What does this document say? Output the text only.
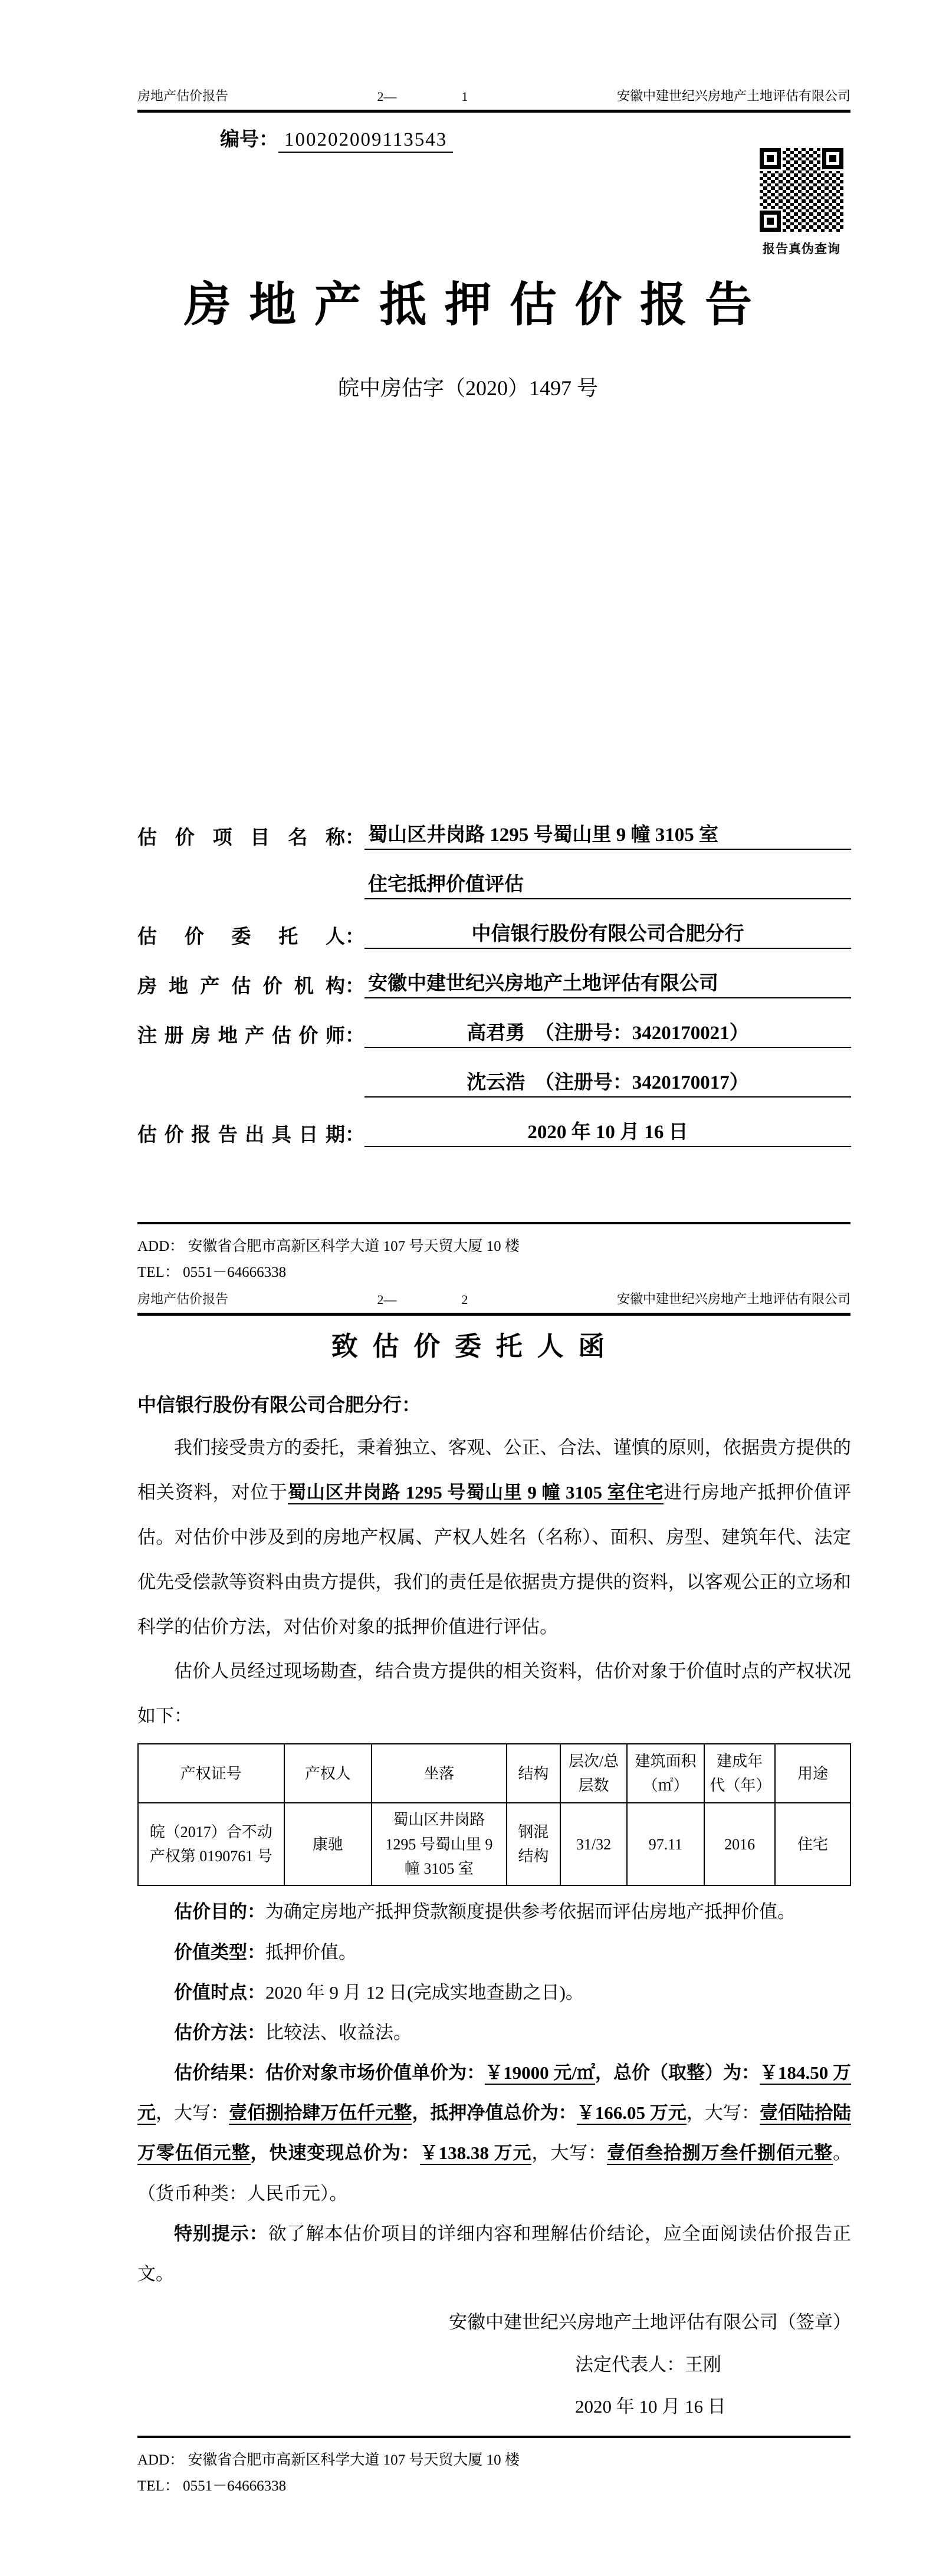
房地产估价报告	2—	1	安徽中建世纪兴房地产土地评估有限公司
编号： 100202009113543
报告真伪查询
房地产抵押估价报告
皖中房估字（2020）1497 号
估价项目名称 ： 蜀山区井岗路 1295 号蜀山里 9 幢 3105 室
住宅抵押价值评估
估价委托人 ：	中信银行股份有限公司合肥分行
房地产估价机构 ： 安徽中建世纪兴房地产土地评估有限公司
注册房地产估价师 ：	高君勇　（注册号：3420170021）
沈云浩　（注册号：3420170017）
估价报告出具日期 ：	2020 年 10 月 16 日
ADD： 安徽省合肥市高新区科学大道 107 号天贸大厦 10 楼
TEL： 0551－64666338
房地产估价报告	2—	2	安徽中建世纪兴房地产土地评估有限公司
致估价委托人函
中信银行股份有限公司合肥分行：

我们接受贵方的委托，秉着独立、客观、公正、合法、谨慎的原则，依据贵方提供的相关资料，对位于蜀山区井岗路 1295 号蜀山里 9 幢 3105 室住宅进行房地产抵押价值评估。对估价中涉及到的房地产权属、产权人姓名（名称）、面积、房型、建筑年代、法定优先受偿款等资料由贵方提供，我们的责任是依据贵方提供的资料，以客观公正的立场和科学的估价方法，对估价对象的抵押价值进行评估。

估价人员经过现场勘查，结合贵方提供的相关资料，估价对象于价值时点的产权状况如下：

产权证号	产权人	坐落	结构	层次/总层数	建筑面积（㎡）	建成年代（年）	用途
皖（2017）合不动产权第 0190761 号	康驰	蜀山区井岗路 1295 号蜀山里 9 幢 3105 室	钢混结构	31/32	97.11	2016	住宅

估价目的：为确定房地产抵押贷款额度提供参考依据而评估房地产抵押价值。

价值类型：抵押价值。

价值时点：2020 年 9 月 12 日(完成实地查勘之日)。

估价方法：比较法、收益法。

估价结果：估价对象市场价值单价为：￥19000 元/㎡，总价（取整）为：￥184.50 万元，大写：壹佰捌拾肆万伍仟元整，抵押净值总价为：￥166.05 万元，大写：壹佰陆拾陆万零伍佰元整，快速变现总价为：￥138.38 万元，大写：壹佰叁拾捌万叁仟捌佰元整。（货币种类：人民币元）。

特别提示：欲了解本估价项目的详细内容和理解估价结论，应全面阅读估价报告正文。

安徽中建世纪兴房地产土地评估有限公司（签章）
法定代表人：王刚
2020 年 10 月 16 日
ADD： 安徽省合肥市高新区科学大道 107 号天贸大厦 10 楼
TEL： 0551－64666338
